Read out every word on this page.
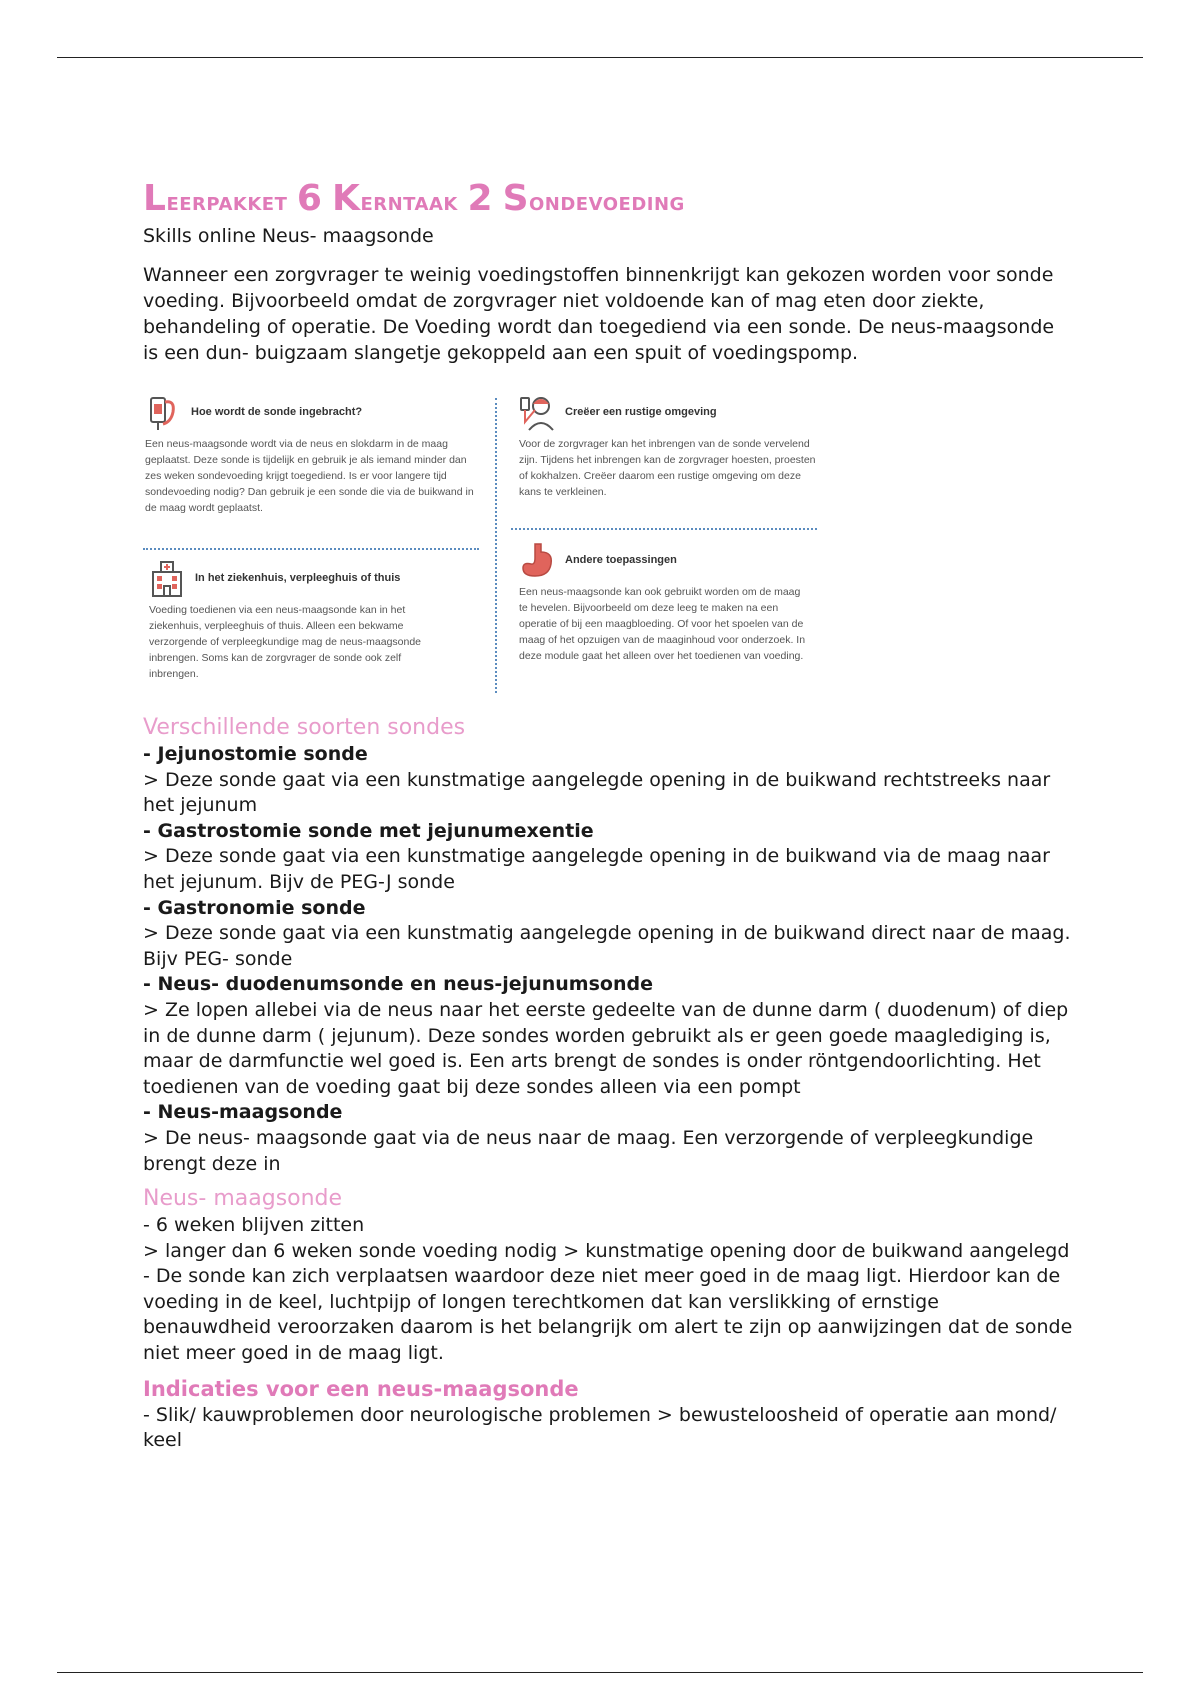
Leerpakket 6 Kerntaak 2 Sondevoeding
Skills online Neus- maagsonde

Wanneer een zorgvrager te weinig voedingstoffen binnenkrijgt kan gekozen worden voor sonde voeding. Bijvoorbeeld omdat de zorgvrager niet voldoende kan of mag eten door ziekte, behandeling of operatie. De Voeding wordt dan toegediend via een sonde. De neus-maagsonde is een dun- buigzaam slangetje gekoppeld aan een spuit of voedingspomp.

Hoe wordt de sonde ingebracht?
Een neus-maagsonde wordt via de neus en slokdarm in de maag geplaatst. Deze sonde is tijdelijk en gebruik je als iemand minder dan zes weken sondevoeding krijgt toegediend. Is er voor langere tijd sondevoeding nodig? Dan gebruik je een sonde die via de buikwand in de maag wordt geplaatst.
Creëer een rustige omgeving
Voor de zorgvrager kan het inbrengen van de sonde vervelend zijn. Tijdens het inbrengen kan de zorgvrager hoesten, proesten of kokhalzen. Creëer daarom een rustige omgeving om deze kans te verkleinen.
In het ziekenhuis, verpleeghuis of thuis
Voeding toedienen via een neus-maagsonde kan in het ziekenhuis, verpleeghuis of thuis. Alleen een bekwame verzorgende of verpleegkundige mag de neus-maagsonde inbrengen. Soms kan de zorgvrager de sonde ook zelf inbrengen.
Andere toepassingen
Een neus-maagsonde kan ook gebruikt worden om de maag te hevelen. Bijvoorbeeld om deze leeg te maken na een operatie of bij een maagbloeding. Of voor het spoelen van de maag of het opzuigen van de maaginhoud voor onderzoek. In deze module gaat het alleen over het toedienen van voeding.
Verschillende soorten sondes

- Jejunostomie sonde

> Deze sonde gaat via een kunstmatige aangelegde opening in de buikwand rechtstreeks naar het jejunum

- Gastrostomie sonde met jejunumexentie

> Deze sonde gaat via een kunstmatige aangelegde opening in de buikwand via de maag naar het jejunum. Bijv de PEG-J sonde

- Gastronomie sonde

> Deze sonde gaat via een kunstmatig aangelegde opening in de buikwand direct naar de maag. Bijv PEG- sonde

- Neus- duodenumsonde en neus-jejunumsonde

> Ze lopen allebei via de neus naar het eerste gedeelte van de dunne darm ( duodenum) of diep in de dunne darm ( jejunum). Deze sondes worden gebruikt als er geen goede maaglediging is, maar de darmfunctie wel goed is. Een arts brengt de sondes is onder röntgendoorlichting. Het toedienen van de voeding gaat bij deze sondes alleen via een pompt

- Neus-maagsonde

> De neus- maagsonde gaat via de neus naar de maag. Een verzorgende of verpleegkundige brengt deze in

Neus- maagsonde

- 6 weken blijven zitten

> langer dan 6 weken sonde voeding nodig > kunstmatige opening door de buikwand aangelegd

- De sonde kan zich verplaatsen waardoor deze niet meer goed in de maag ligt. Hierdoor kan de voeding in de keel, luchtpijp of longen terechtkomen dat kan verslikking of ernstige benauwdheid veroorzaken daarom is het belangrijk om alert te zijn op aanwijzingen dat de sonde niet meer goed in de maag ligt.

Indicaties voor een neus-maagsonde

- Slik/ kauwproblemen door neurologische problemen > bewusteloosheid of operatie aan mond/ keel
